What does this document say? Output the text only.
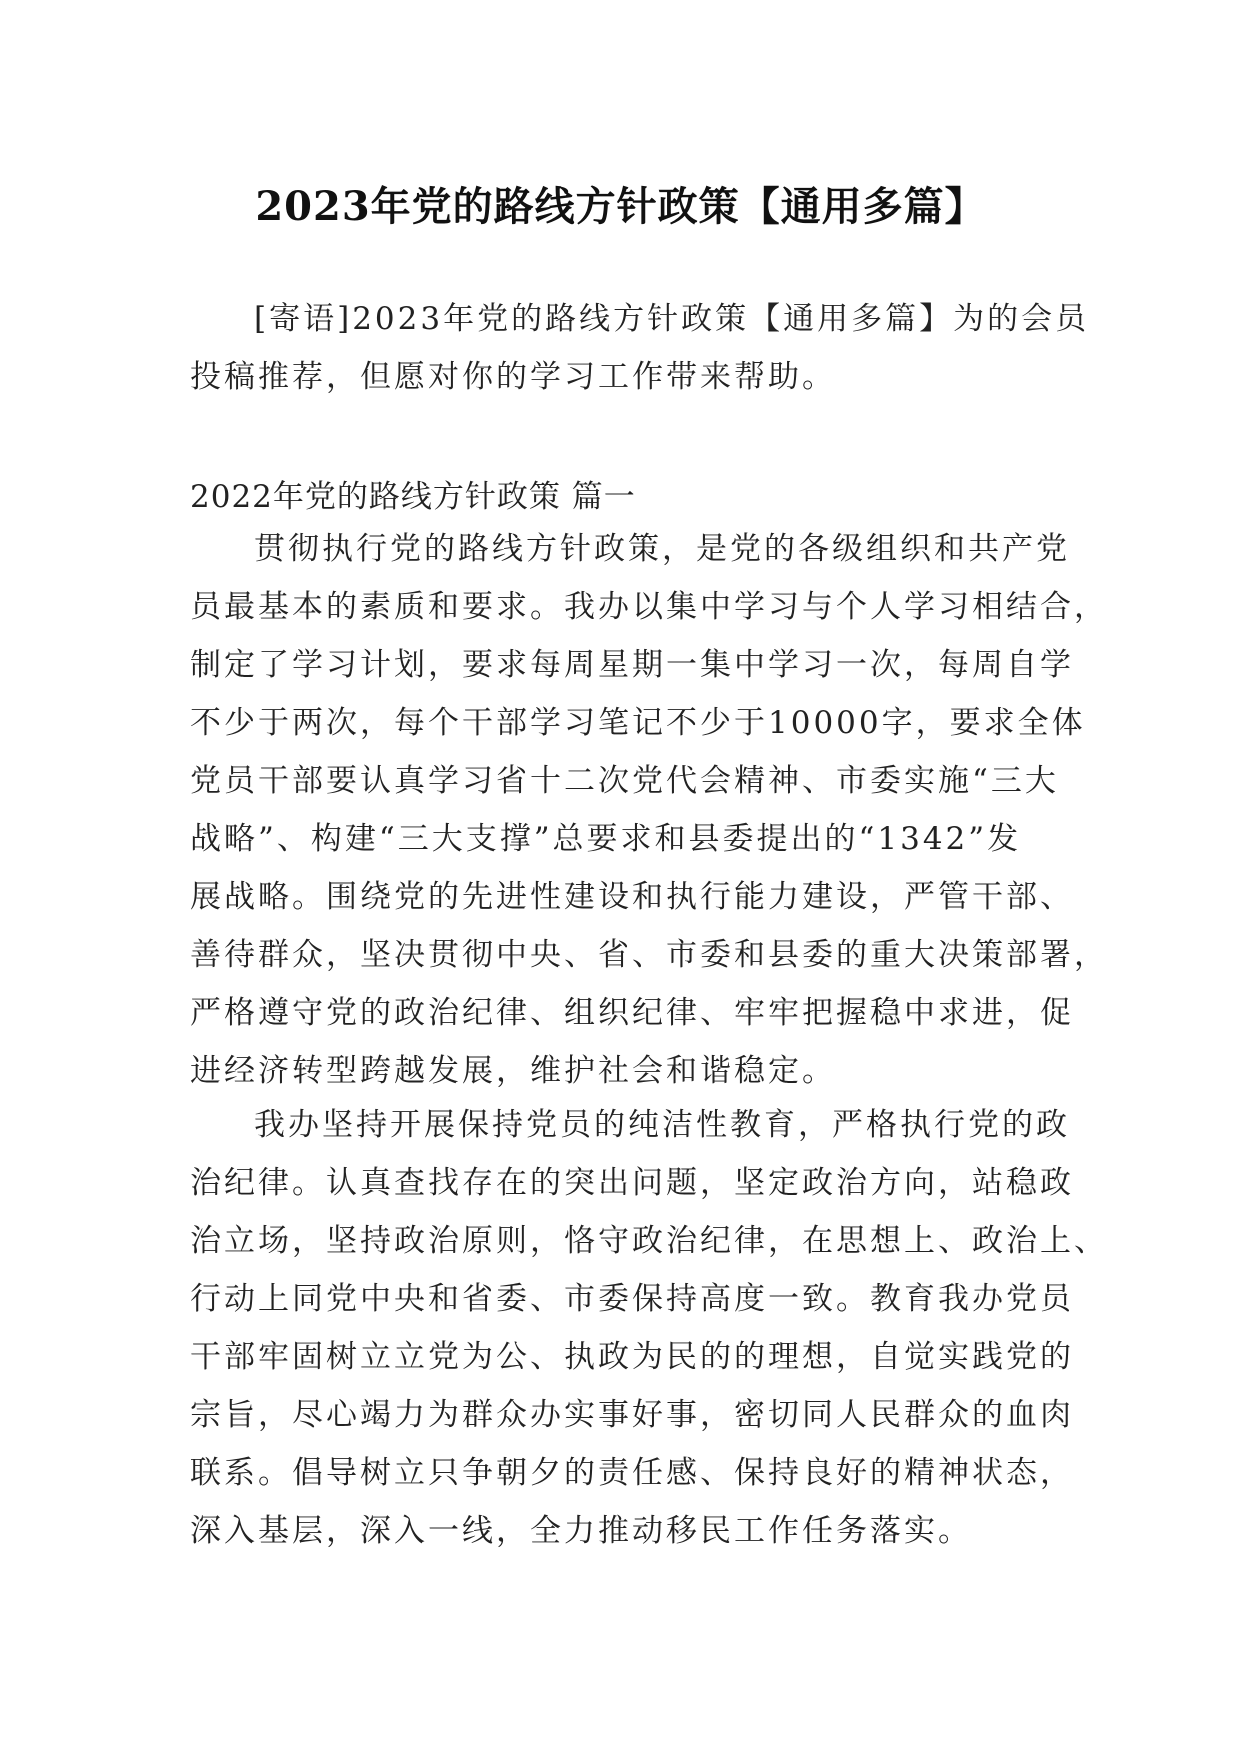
2023年党的路线方针政策【通用多篇】
[寄语]2023年党的路线方针政策【通用多篇】为的会员
投稿推荐，但愿对你的学习工作带来帮助。
2022年党的路线方针政策 篇一
贯彻执行党的路线方针政策，是党的各级组织和共产党
员最基本的素质和要求。我办以集中学习与个人学习相结合，
制定了学习计划，要求每周星期一集中学习一次，每周自学
不少于两次，每个干部学习笔记不少于10000字，要求全体
党员干部要认真学习省十二次党代会精神、市委实施“三大
战略”、构建“三大支撑”总要求和县委提出的“1342”发
展战略。围绕党的先进性建设和执行能力建设，严管干部、
善待群众，坚决贯彻中央、省、市委和县委的重大决策部署，
严格遵守党的政治纪律、组织纪律、牢牢把握稳中求进，促
进经济转型跨越发展，维护社会和谐稳定。
我办坚持开展保持党员的纯洁性教育，严格执行党的政
治纪律。认真查找存在的突出问题，坚定政治方向，站稳政
治立场，坚持政治原则，恪守政治纪律，在思想上、政治上、
行动上同党中央和省委、市委保持高度一致。教育我办党员
干部牢固树立立党为公、执政为民的的理想，自觉实践党的
宗旨，尽心竭力为群众办实事好事，密切同人民群众的血肉
联系。倡导树立只争朝夕的责任感、保持良好的精神状态，
深入基层，深入一线，全力推动移民工作任务落实。
